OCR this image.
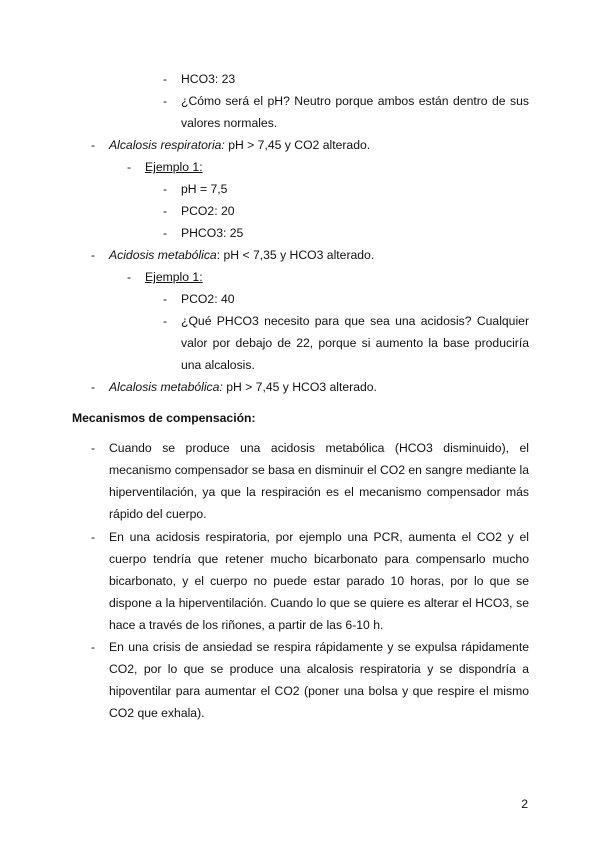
- HCO3: 23
- ¿Cómo será el pH? Neutro porque ambos están dentro de sus
valores normales.
- Alcalosis respiratoria: pH > 7,45 y CO2 alterado.
- Ejemplo 1:
- pH = 7,5
- PCO2: 20
- PHCO3: 25
- Acidosis metabólica: pH < 7,35 y HCO3 alterado.
- Ejemplo 1:
- PCO2: 40
- ¿Qué PHCO3 necesito para que sea una acidosis? Cualquier
valor por debajo de 22, porque si aumento la base produciría
una alcalosis.
- Alcalosis metabólica: pH > 7,45 y HCO3 alterado.
Mecanismos de compensación:
- Cuando se produce una acidosis metabólica (HCO3 disminuido), el
mecanismo compensador se basa en disminuir el CO2 en sangre mediante la
hiperventilación, ya que la respiración es el mecanismo compensador más
rápido del cuerpo.
- En una acidosis respiratoria, por ejemplo una PCR, aumenta el CO2 y el
cuerpo tendría que retener mucho bicarbonato para compensarlo mucho
bicarbonato, y el cuerpo no puede estar parado 10 horas, por lo que se
dispone a la hiperventilación. Cuando lo que se quiere es alterar el HCO3, se
hace a través de los riñones, a partir de las 6-10 h.
- En una crisis de ansiedad se respira rápidamente y se expulsa rápidamente
CO2, por lo que se produce una alcalosis respiratoria y se dispondría a
hipoventilar para aumentar el CO2 (poner una bolsa y que respire el mismo
CO2 que exhala).
2
